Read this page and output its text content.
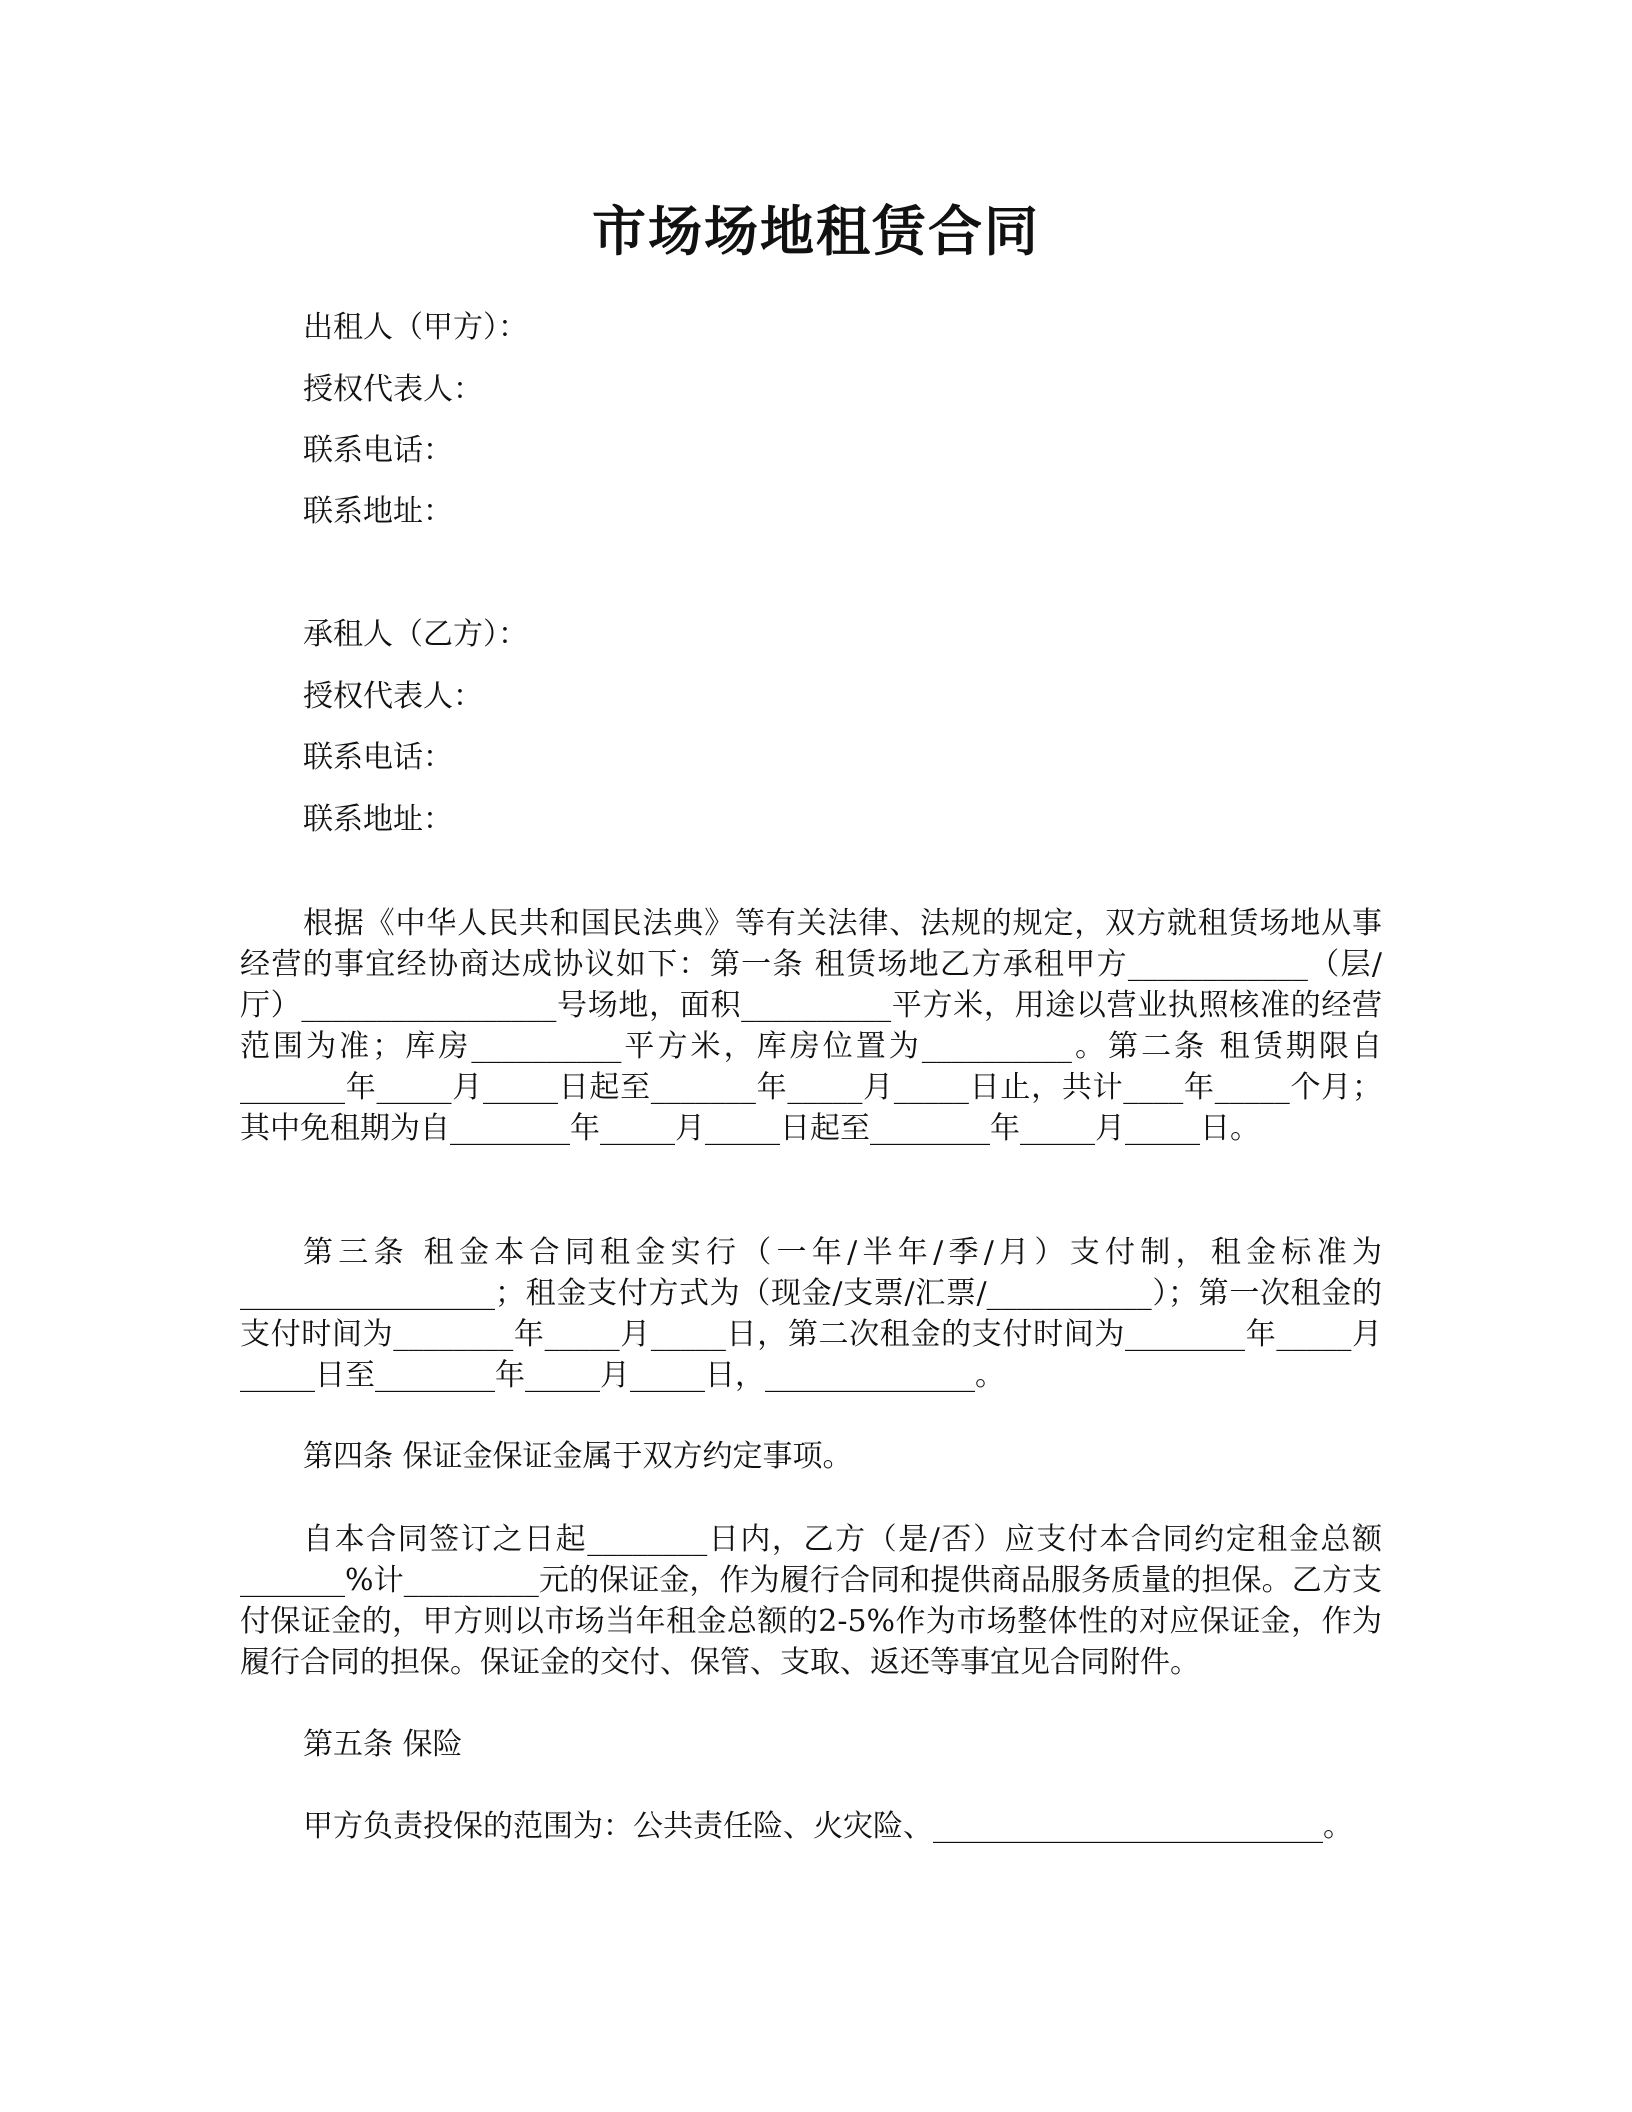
市场场地租赁合同
出租人（甲方）：
授权代表人：
联系电话：
联系地址：
承租人（乙方）：
授权代表人：
联系电话：
联系地址：
根据《中华人民共和国民法典》等有关法律、法规的规定，双方就租赁场地从事经营的事宜经协商达成协议如下：第一条 租赁场地乙方承租甲方____________（层/厅）_________________号场地，面积__________平方米，用途以营业执照核准的经营范围为准；库房__________平方米，库房位置为__________。第二条 租赁期限自_______年_____月_____日起至_______年_____月_____日止，共计____年_____个月；其中免租期为自________年_____月_____日起至________年_____月_____日。
第三条 租金本合同租金实行（一年/半年/季/月）支付制，租金标准为_________________；租金支付方式为（现金/支票/汇票/___________）；第一次租金的支付时间为________年_____月_____日，第二次租金的支付时间为________年_____月_____日至________年_____月_____日，______________。
第四条 保证金保证金属于双方约定事项。
自本合同签订之日起________日内，乙方（是/否）应支付本合同约定租金总额_______%计_________元的保证金，作为履行合同和提供商品服务质量的担保。乙方支付保证金的，甲方则以市场当年租金总额的2-5%作为市场整体性的对应保证金，作为履行合同的担保。保证金的交付、保管、支取、返还等事宜见合同附件。
第五条 保险
甲方负责投保的范围为：公共责任险、火灾险、__________________________。
